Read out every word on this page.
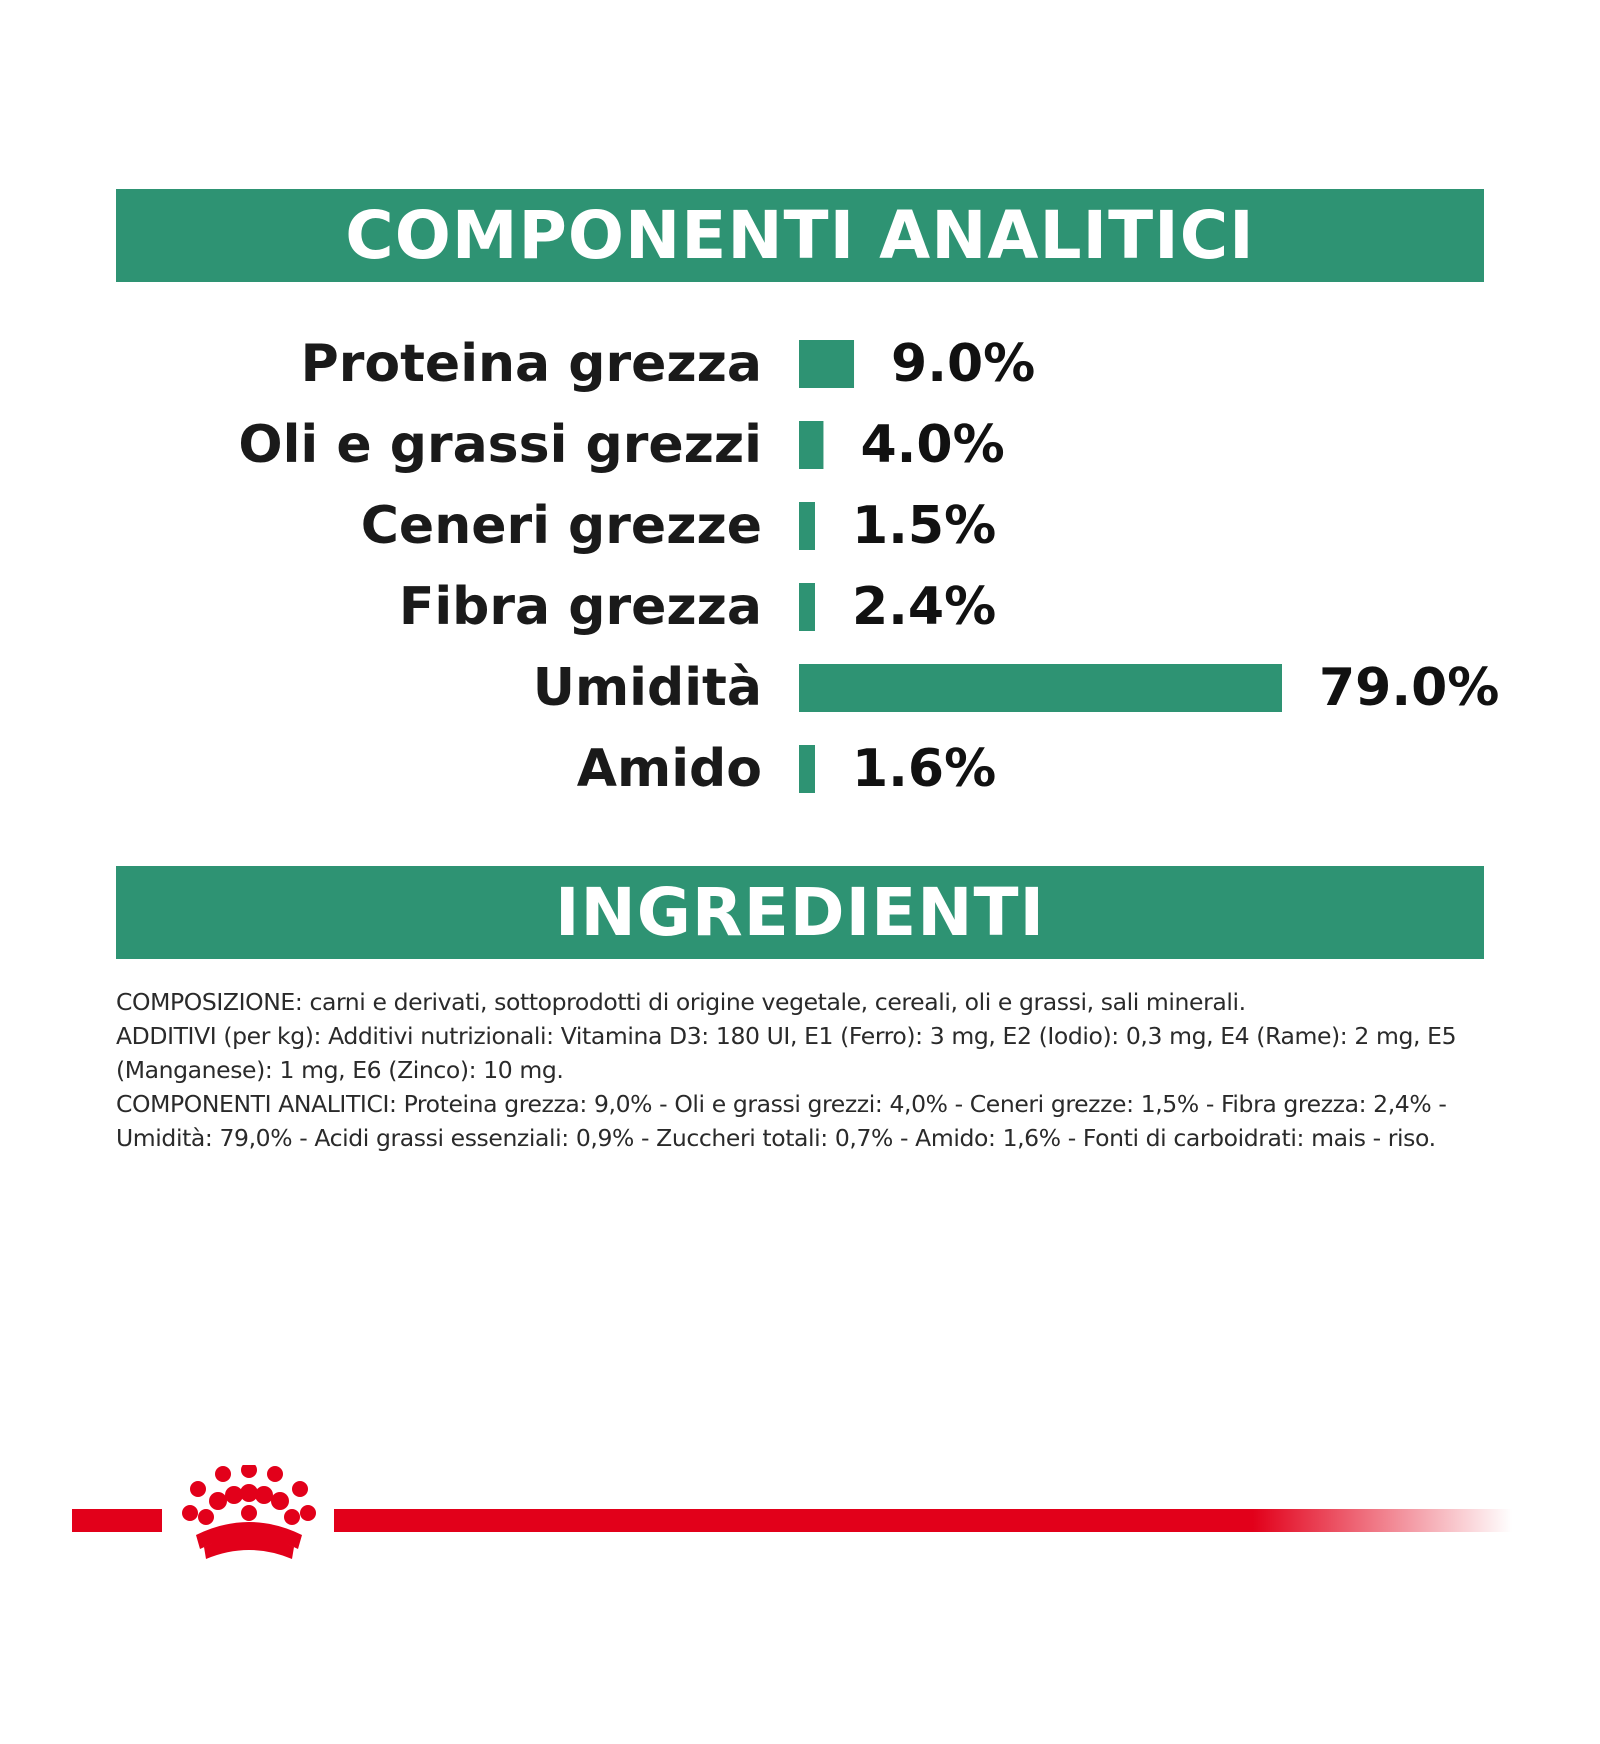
COMPONENTI ANALITICI
Proteina grezza 9.0%
Oli e grassi grezzi 4.0%
Ceneri grezze 1.5%
Fibra grezza 2.4%
Umidità	79.0%
Amido 1.6%
INGREDIENTI

COMPOSIZIONE: carni e derivati, sottoprodotti di origine vegetale, cereali, oli e grassi, sali minerali.

ADDITIVI (per kg): Additivi nutrizionali: Vitamina D3: 180 UI, E1 (Ferro): 3 mg, E2 (Iodio): 0,3 mg, E4 (Rame): 2 mg, E5 (Manganese): 1 mg, E6 (Zinco): 10 mg.

COMPONENTI ANALITICI: Proteina grezza: 9,0% - Oli e grassi grezzi: 4,0% - Ceneri grezze: 1,5% - Fibra grezza: 2,4% - Umidità: 79,0% - Acidi grassi essenziali: 0,9% - Zuccheri totali: 0,7% - Amido: 1,6% - Fonti di carboidrati: mais - riso.
